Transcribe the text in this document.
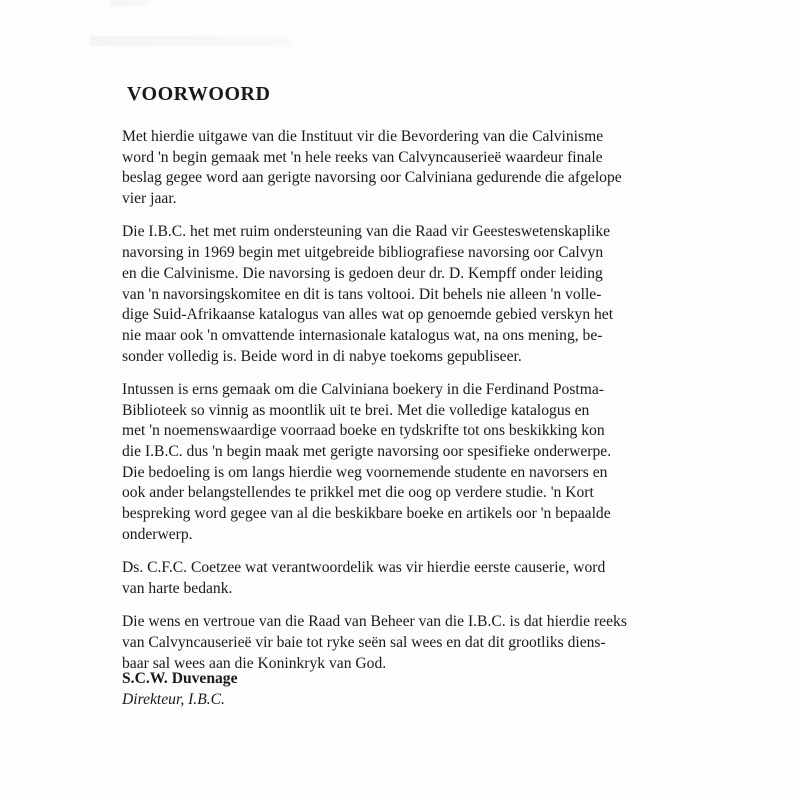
VOORWOORD

Met hierdie uitgawe van die Instituut vir die Bevordering van die Calvinisme
word 'n begin gemaak met 'n hele reeks van Calvyncauserieë waardeur finale
beslag gegee word aan gerigte navorsing oor Calviniana gedurende die afgelope
vier jaar.

Die I.B.C. het met ruim ondersteuning van die Raad vir Geesteswetenskaplike
navorsing in 1969 begin met uitgebreide bibliografiese navorsing oor Calvyn
en die Calvinisme. Die navorsing is gedoen deur dr. D. Kempff onder leiding
van 'n navorsingskomitee en dit is tans voltooi. Dit behels nie alleen 'n volle-
dige Suid-Afrikaanse katalogus van alles wat op genoemde gebied verskyn het
nie maar ook 'n omvattende internasionale katalogus wat, na ons mening, be-
sonder volledig is. Beide word in di nabye toekoms gepubliseer.

Intussen is erns gemaak om die Calviniana boekery in die Ferdinand Postma-
Biblioteek so vinnig as moontlik uit te brei. Met die volledige katalogus en
met 'n noemenswaardige voorraad boeke en tydskrifte tot ons beskikking kon
die I.B.C. dus 'n begin maak met gerigte navorsing oor spesifieke onderwerpe.
Die bedoeling is om langs hierdie weg voornemende studente en navorsers en
ook ander belangstellendes te prikkel met die oog op verdere studie. 'n Kort
bespreking word gegee van al die beskikbare boeke en artikels oor 'n bepaalde
onderwerp.

Ds. C.F.C. Coetzee wat verantwoordelik was vir hierdie eerste causerie, word
van harte bedank.

Die wens en vertroue van die Raad van Beheer van die I.B.C. is dat hierdie reeks
van Calvyncauserieë vir baie tot ryke seën sal wees en dat dit grootliks diens-
baar sal wees aan die Koninkryk van God.

S.C.W. Duvenage
Direkteur, I.B.C.
